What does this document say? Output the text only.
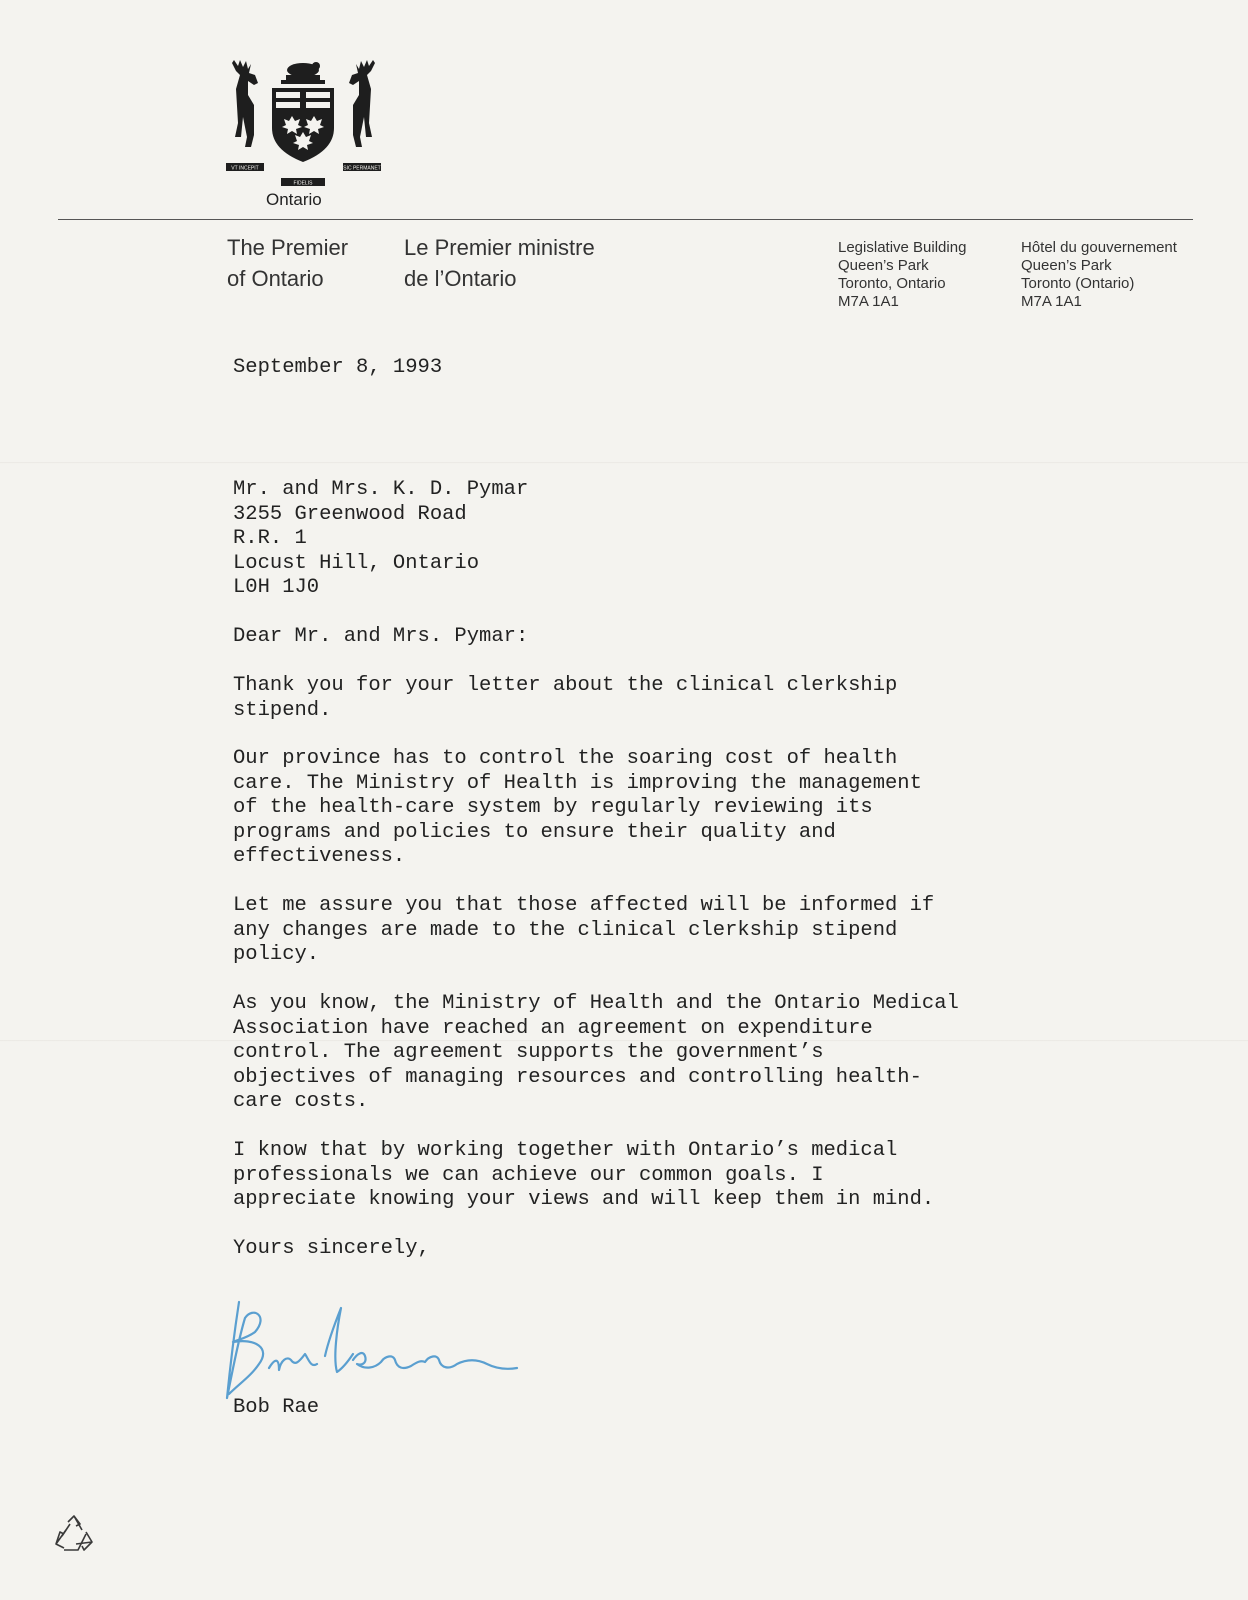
VT INCEPIT	SIC PERMANET
FIDELIS
Ontario
The Premier
of Ontario
Le Premier ministre
de l’Ontario
Legislative Building
Queen’s Park
Toronto, Ontario
M7A 1A1
Hôtel du gouvernement
Queen’s Park
Toronto (Ontario)
M7A 1A1

September 8, 1993

Mr. and Mrs. K. D. Pymar
3255 Greenwood Road
R.R. 1
Locust Hill, Ontario
L0H 1J0

Dear Mr. and Mrs. Pymar:

Thank you for your letter about the clinical clerkship
stipend.

Our province has to control the soaring cost of health
care. The Ministry of Health is improving the management
of the health-care system by regularly reviewing its
programs and policies to ensure their quality and
effectiveness.

Let me assure you that those affected will be informed if
any changes are made to the clinical clerkship stipend
policy.

As you know, the Ministry of Health and the Ontario Medical
Association have reached an agreement on expenditure
control. The agreement supports the government’s
objectives of managing resources and controlling health-
care costs.

I know that by working together with Ontario’s medical
professionals we can achieve our common goals. I
appreciate knowing your views and will keep them in mind.

Yours sincerely,

Bob Rae
